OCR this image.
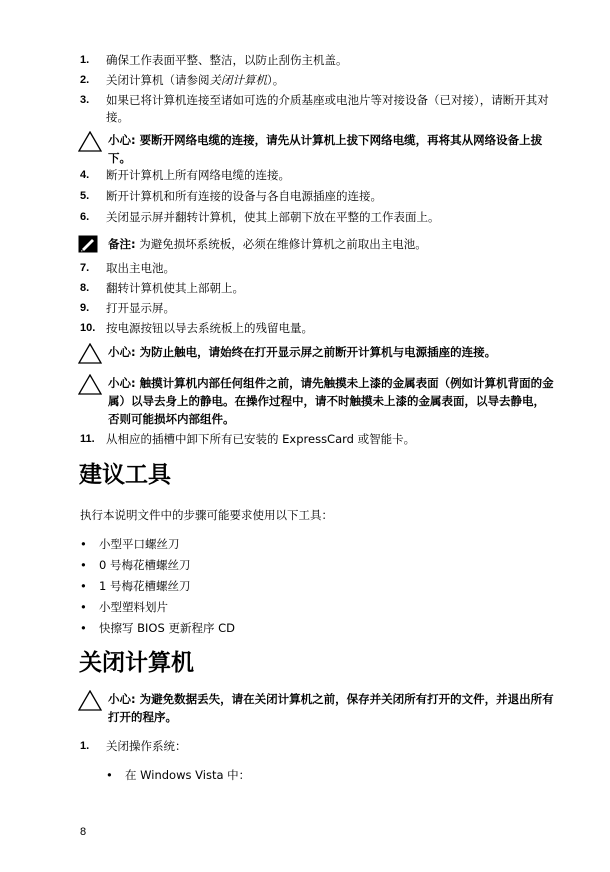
1.	确保工作表面平整、整洁，以防止刮伤主机盖。
2.	关闭计算机（请参阅关闭计算机）。
3.	如果已将计算机连接至诸如可选的介质基座或电池片等对接设备（已对接），请断开其对接。
小心: 要断开网络电缆的连接，请先从计算机上拔下网络电缆，再将其从网络设备上拔下。
4.	断开计算机上所有网络电缆的连接。
5.	断开计算机和所有连接的设备与各自电源插座的连接。
6.	关闭显示屏并翻转计算机，使其上部朝下放在平整的工作表面上。
备注: 为避免损坏系统板，必须在维修计算机之前取出主电池。
7.	取出主电池。
8.	翻转计算机使其上部朝上。
9.	打开显示屏。
10. 按电源按钮以导去系统板上的残留电量。
小心: 为防止触电，请始终在打开显示屏之前断开计算机与电源插座的连接。
小心: 触摸计算机内部任何组件之前，请先触摸未上漆的金属表面（例如计算机背面的金属）以导去身上的静电。在操作过程中，请不时触摸未上漆的金属表面，以导去静电，否则可能损坏内部组件。
11. 从相应的插槽中卸下所有已安装的 ExpressCard 或智能卡。
建议工具
执行本说明文件中的步骤可能要求使用以下工具：
• 小型平口螺丝刀
• 0 号梅花槽螺丝刀
• 1 号梅花槽螺丝刀
• 小型塑料划片
• 快擦写 BIOS 更新程序 CD
关闭计算机
小心: 为避免数据丢失，请在关闭计算机之前，保存并关闭所有打开的文件，并退出所有打开的程序。
1.	关闭操作系统：
• 在 Windows Vista 中：
8
